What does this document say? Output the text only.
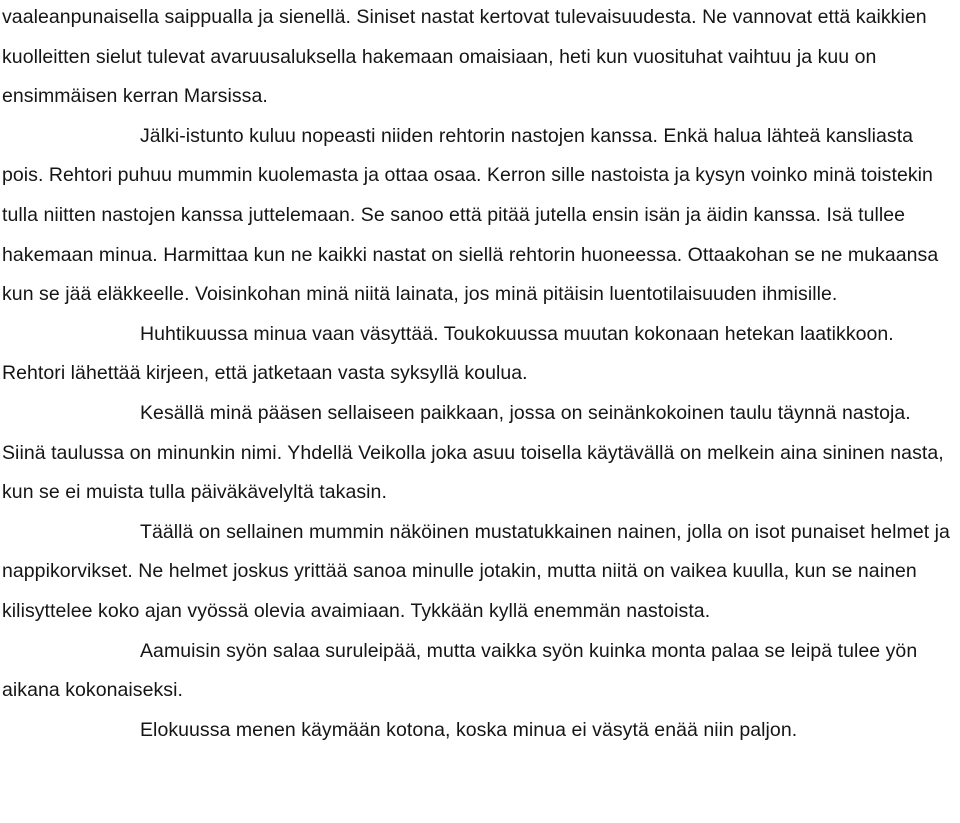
vaaleanpunaisella saippualla ja sienellä. Siniset nastat kertovat tulevaisuudesta. Ne vannovat että kaikkien kuolleitten sielut tulevat avaruusaluksella hakemaan omaisiaan, heti kun vuosituhat vaihtuu ja kuu on ensimmäisen kerran Marsissa.

Jälki-istunto kuluu nopeasti niiden rehtorin nastojen kanssa. Enkä halua lähteä kansliasta pois. Rehtori puhuu mummin kuolemasta ja ottaa osaa. Kerron sille nastoista ja kysyn voinko minä toistekin tulla niitten nastojen kanssa juttelemaan. Se sanoo että pitää jutella ensin isän ja äidin kanssa. Isä tullee hakemaan minua. Harmittaa kun ne kaikki nastat on siellä rehtorin huoneessa. Ottaakohan se ne mukaansa kun se jää eläkkeelle. Voisinkohan minä niitä lainata, jos minä pitäisin luentotilaisuuden ihmisille.

Huhtikuussa minua vaan väsyttää. Toukokuussa muutan kokonaan hetekan laatikkoon. Rehtori lähettää kirjeen, että jatketaan vasta syksyllä koulua.

Kesällä minä pääsen sellaiseen paikkaan, jossa on seinänkokoinen taulu täynnä nastoja. Siinä taulussa on minunkin nimi. Yhdellä Veikolla joka asuu toisella käytävällä on melkein aina sininen nasta, kun se ei muista tulla päiväkävelyltä takasin.

Täällä on sellainen mummin näköinen mustatukkainen nainen, jolla on isot punaiset helmet ja nappikorvikset. Ne helmet joskus yrittää sanoa minulle jotakin, mutta niitä on vaikea kuulla, kun se nainen kilisyttelee koko ajan vyössä olevia avaimiaan. Tykkään kyllä enemmän nastoista.

Aamuisin syön salaa suruleipää, mutta vaikka syön kuinka monta palaa se leipä tulee yön aikana kokonaiseksi.

Elokuussa menen käymään kotona, koska minua ei väsytä enää niin paljon.
